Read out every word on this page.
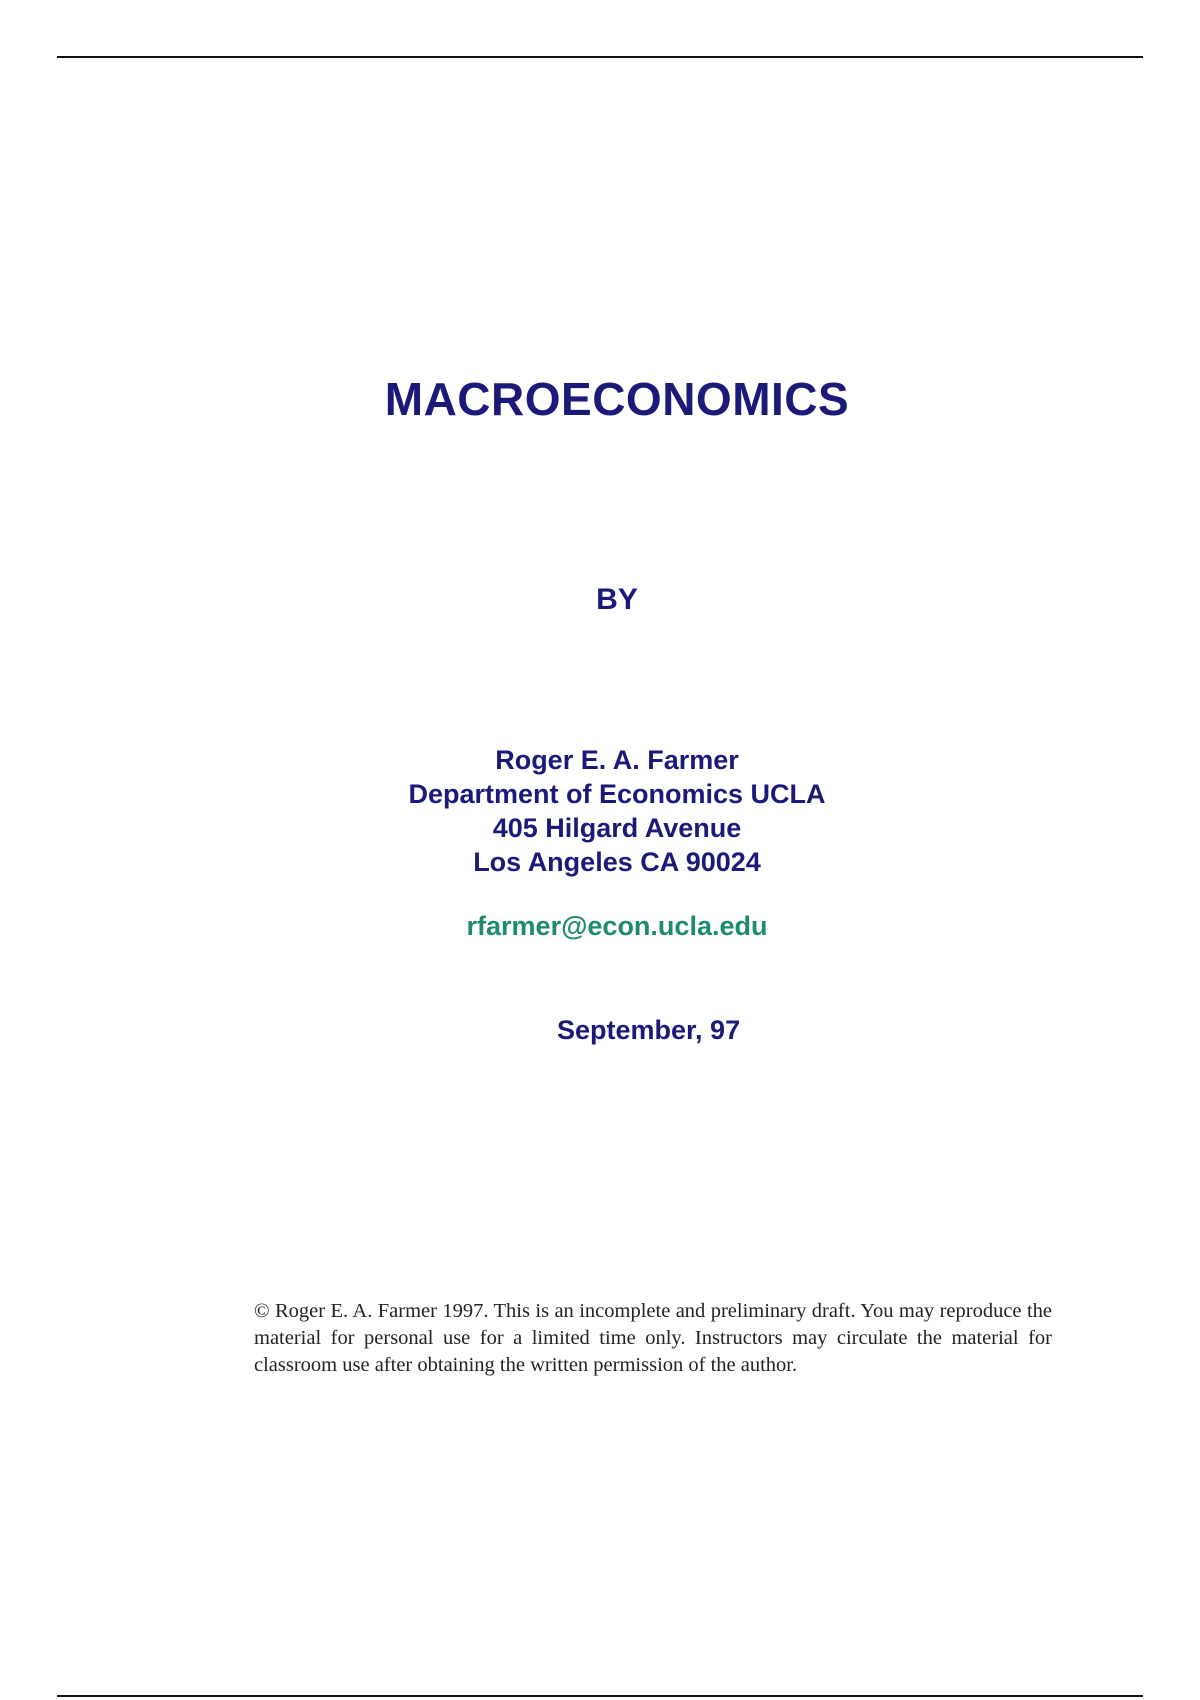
MACROECONOMICS
BY
Roger E. A. Farmer
Department of Economics UCLA
405 Hilgard Avenue
Los Angeles CA 90024
rfarmer@econ.ucla.edu
September, 97
© Roger E. A. Farmer 1997. This is an incomplete and preliminary draft. You may reproduce the material for personal use for a limited time only. Instructors may circulate the material for classroom use after obtaining the written permission of the author.
